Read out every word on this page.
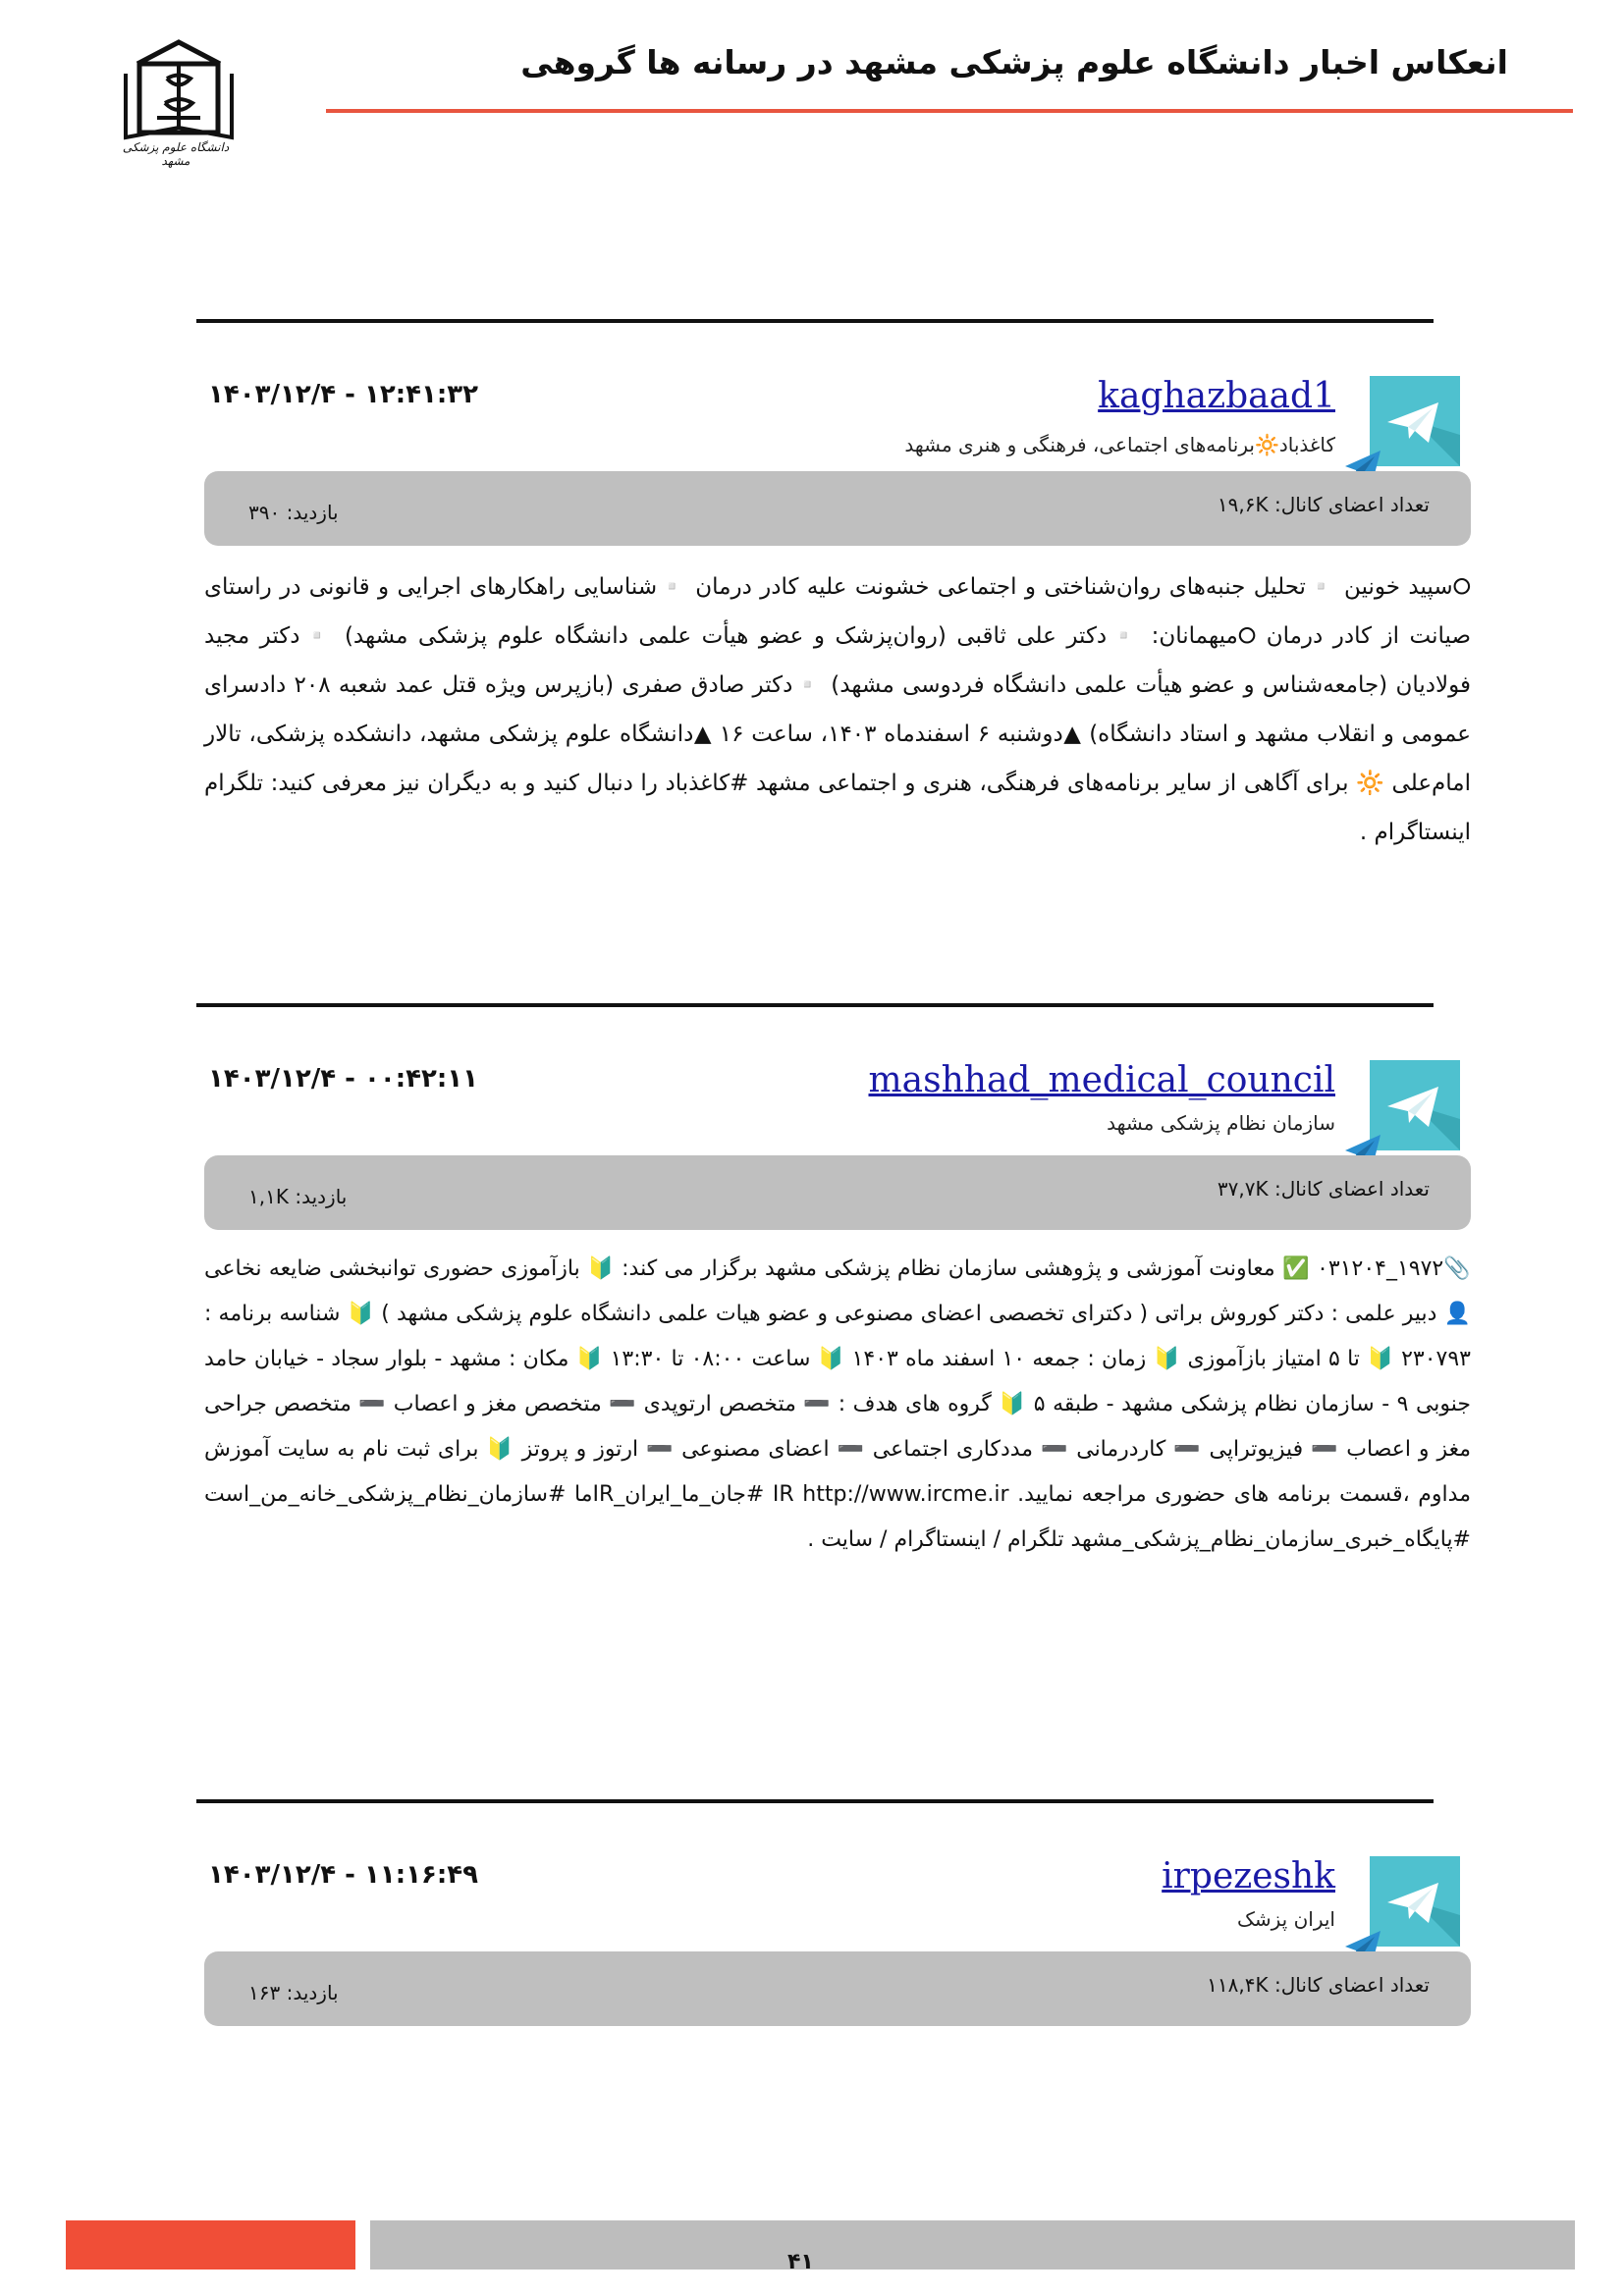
دانشگاه علوم پزشکی مشهد
انعکاس اخبار دانشگاه علوم پزشکی مشهد در رسانه ها گروهی
kaghazbaad1
کاغذباد🔆برنامه‌های اجتماعی، فرهنگی و هنری مشهد
۱۴۰۳/۱۲/۴ - ۱۲:۴۱:۳۲
تعداد اعضای کانال: ۱۹,۶K
بازدید: ۳۹۰
⭘سپید خونین ▫️تحلیل جنبه‌های روان‌شناختی و اجتماعی خشونت علیه کادر درمان ▫️شناسایی راهکارهای اجرایی و قانونی در راستای صیانت از کادر درمان ⭘میهمانان: ▫️دکتر علی ثاقبی (روان‌پزشک و عضو هیأت علمی دانشگاه علوم پزشکی مشهد) ▫️دکتر مجید فولادیان (جامعه‌شناس و عضو هیأت علمی دانشگاه فردوسی مشهد) ▫️دکتر صادق صفری (بازپرس ویژه قتل عمد شعبه ۲۰۸ دادسرای عمومی و انقلاب مشهد و استاد دانشگاه) ▲دوشنبه ۶ اسفندماه ۱۴۰۳، ساعت ۱۶ ▲دانشگاه علوم پزشکی مشهد، دانشکده پزشکی، تالار امام‌علی 🔆 برای آگاهی از سایر برنامه‌های فرهنگی، هنری و اجتماعی مشهد #کاغذباد را دنبال کنید و به دیگران نیز معرفی کنید: تلگرام اینستاگرام .
mashhad_medical_council
سازمان نظام پزشکی مشهد
۱۴۰۳/۱۲/۴ - ۰۰:۴۲:۱۱
تعداد اعضای کانال: ۳۷,۷K
بازدید: ۱,۱K
📎۱۹۷۲_۰۳۱۲۰۴ ✅ معاونت آموزشی و پژوهشی سازمان نظام پزشکی مشهد برگزار می کند: 🔰 بازآموزی حضوری توانبخشی ضایعه نخاعی 👤 دبیر علمی : دکتر کوروش براتی ( دکترای تخصصی اعضای مصنوعی و عضو هیات علمی دانشگاه علوم پزشکی مشهد ) 🔰 شناسه برنامه : ۲۳۰۷۹۳ 🔰 تا ۵ امتیاز بازآموزی 🔰 زمان : جمعه ۱۰ اسفند ماه ۱۴۰۳ 🔰 ساعت ۰۸:۰۰ تا ۱۳:۳۰ 🔰 مکان : مشهد - بلوار سجاد - خیابان حامد جنوبی ۹ - سازمان نظام پزشکی مشهد - طبقه ۵ 🔰 گروه های هدف : ➖ متخصص ارتوپدی ➖ متخصص مغز و اعصاب ➖ متخصص جراحی مغز و اعصاب ➖ فیزیوتراپی ➖ کاردرمانی ➖ مددکاری اجتماعی ➖ اعضای مصنوعی ➖ ارتوز و پروتز 🔰 برای ثبت نام به سایت آموزش مداوم ،قسمت برنامه های حضوری مراجعه نمایید. IR http://www.ircme.ir #جان_ما_ایران_IRما #سازمان_نظام_پزشکی_خانه_من_است #پایگاه_خبری_سازمان_نظام_پزشکی_مشهد تلگرام / اینستاگرام / سایت .
irpezeshk
ایران پزشک
۱۴۰۳/۱۲/۴ - ۱۱:۱۶:۴۹
تعداد اعضای کانال: ۱۱۸,۴K
بازدید: ۱۶۳
۴۱
